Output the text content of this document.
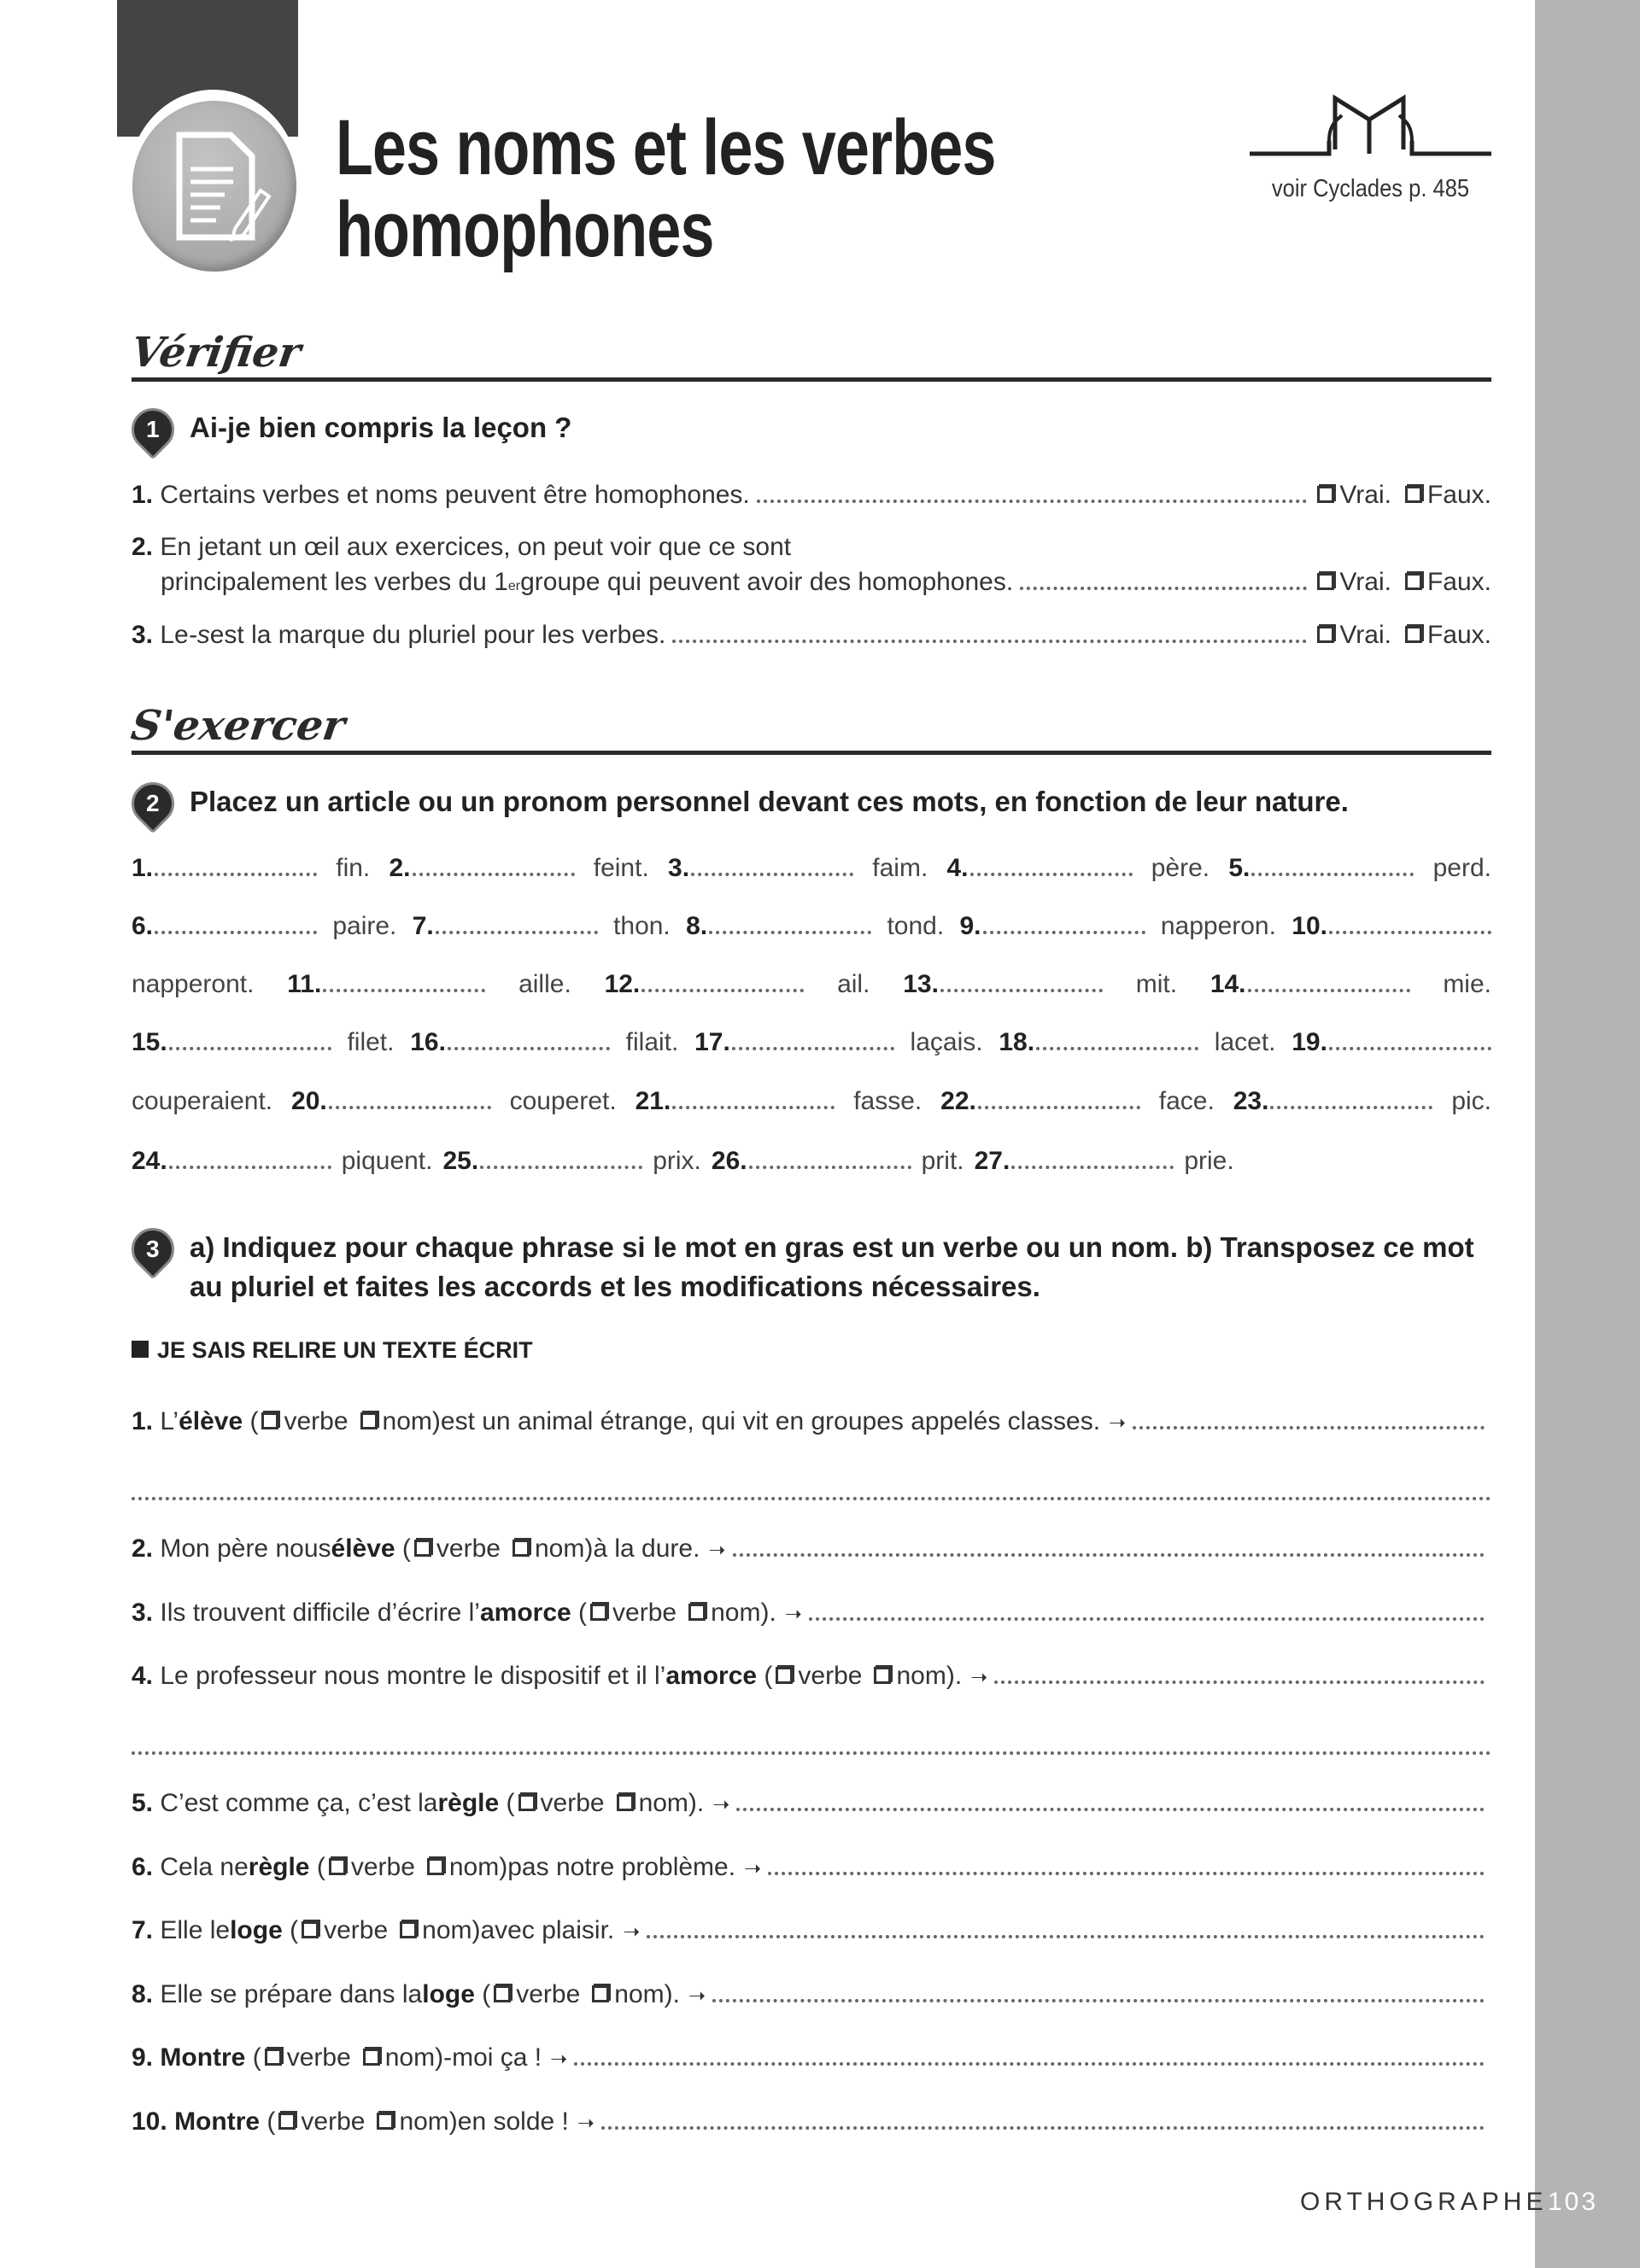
Les noms et les verbes
homophones	voir Cyclades p. 485
Vérifier
1 Ai-je bien compris la leçon ?
1.
Certains verbes et noms peuvent être homophones.	Vrai. Faux.
2.
En jetant un œil aux exercices, on peut voir que ce sont
principalement les verbes du 1 er groupe qui peuvent avoir des homophones.	Vrai. Faux.
3.
Le -s est la marque du pluriel pour les verbes.	Vrai. Faux.
S'exercer
2 Placez un article ou un pronom personnel devant ces mots, en fonction de leur nature.
1.	fin. 2.	feint. 3.	faim. 4.	père. 5.	perd.
6.	paire. 7.	thon. 8.	tond. 9.	napperon. 10.
napperont. 11.	aille. 12.	ail. 13.	mit. 14.	mie.
15.	filet. 16.	filait. 17.	laçais. 18.	lacet. 19.
couperaient. 20.	couperet. 21.	fasse. 22.	face. 23.	pic.
24.	piquent. 25.	prix. 26.	prit. 27.	prie.
3 a) Indiquez pour chaque phrase si le mot en gras est un verbe ou un nom. b) Transposez ce mot
au pluriel et faites les accords et les modifications nécessaires.
JE SAIS RELIRE UN TEXTE ÉCRIT
1.
L’ élève ( verbe nom ) est un animal étrange, qui vit en groupes appelés classes. ➝
2.
Mon père nous élève ( verbe nom ) à la dure. ➝
3.
Ils trouvent difficile d’écrire l’ amorce ( verbe nom ) . ➝
4.
Le professeur nous montre le dispositif et il l’ amorce ( verbe nom ) . ➝
5.
C’est comme ça, c’est la règle ( verbe nom ) . ➝
6.
Cela ne règle ( verbe nom ) pas notre problème. ➝
7.
Elle le loge ( verbe nom ) avec plaisir. ➝
8.
Elle se prépare dans la loge ( verbe nom ) . ➝
9.
Montre ( verbe nom ) -moi ça ! ➝
10.
Montre ( verbe nom ) en solde ! ➝
ORTHOGRAPHE 103
